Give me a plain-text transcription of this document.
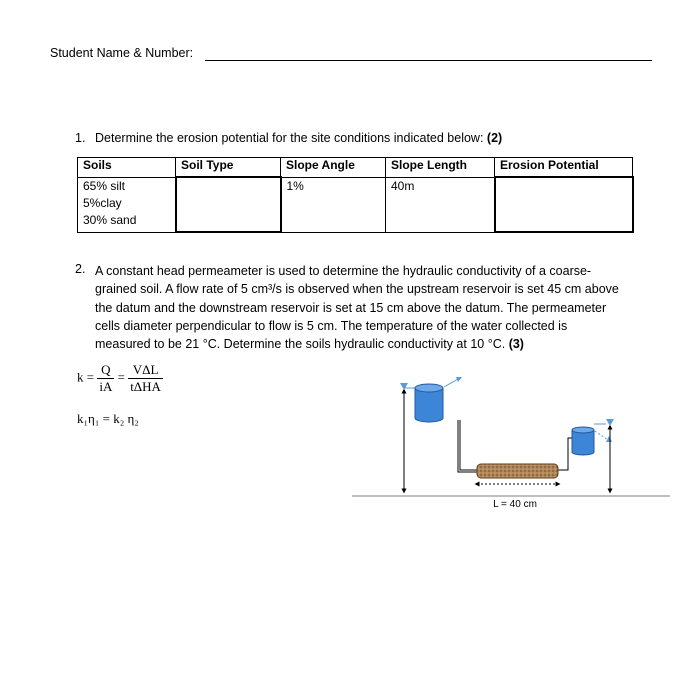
Student Name & Number:
1. Determine the erosion potential for the site conditions indicated below: (2)
Soils	Soil Type	Slope Angle	Slope Length	Erosion Potential

65% silt
5%clay
30% sand		1%	40m	
2. A constant head permeameter is used to determine the hydraulic conductivity of a coarse-
grained soil. A flow rate of 5 cm³/s is observed when the upstream reservoir is set 45 cm above
the datum and the downstream reservoir is set at 15 cm above the datum. The permeameter
cells diameter perpendicular to flow is 5 cm. The temperature of the water collected is
measured to be 21 °C. Determine the soils hydraulic conductivity at 10 °C. (3)
$k = \frac{Q}{iA} = \frac{\text{VΔL}}{\text{tΔHA}}$
k₁η₁ = k₂ η₂
L = 40 cm
